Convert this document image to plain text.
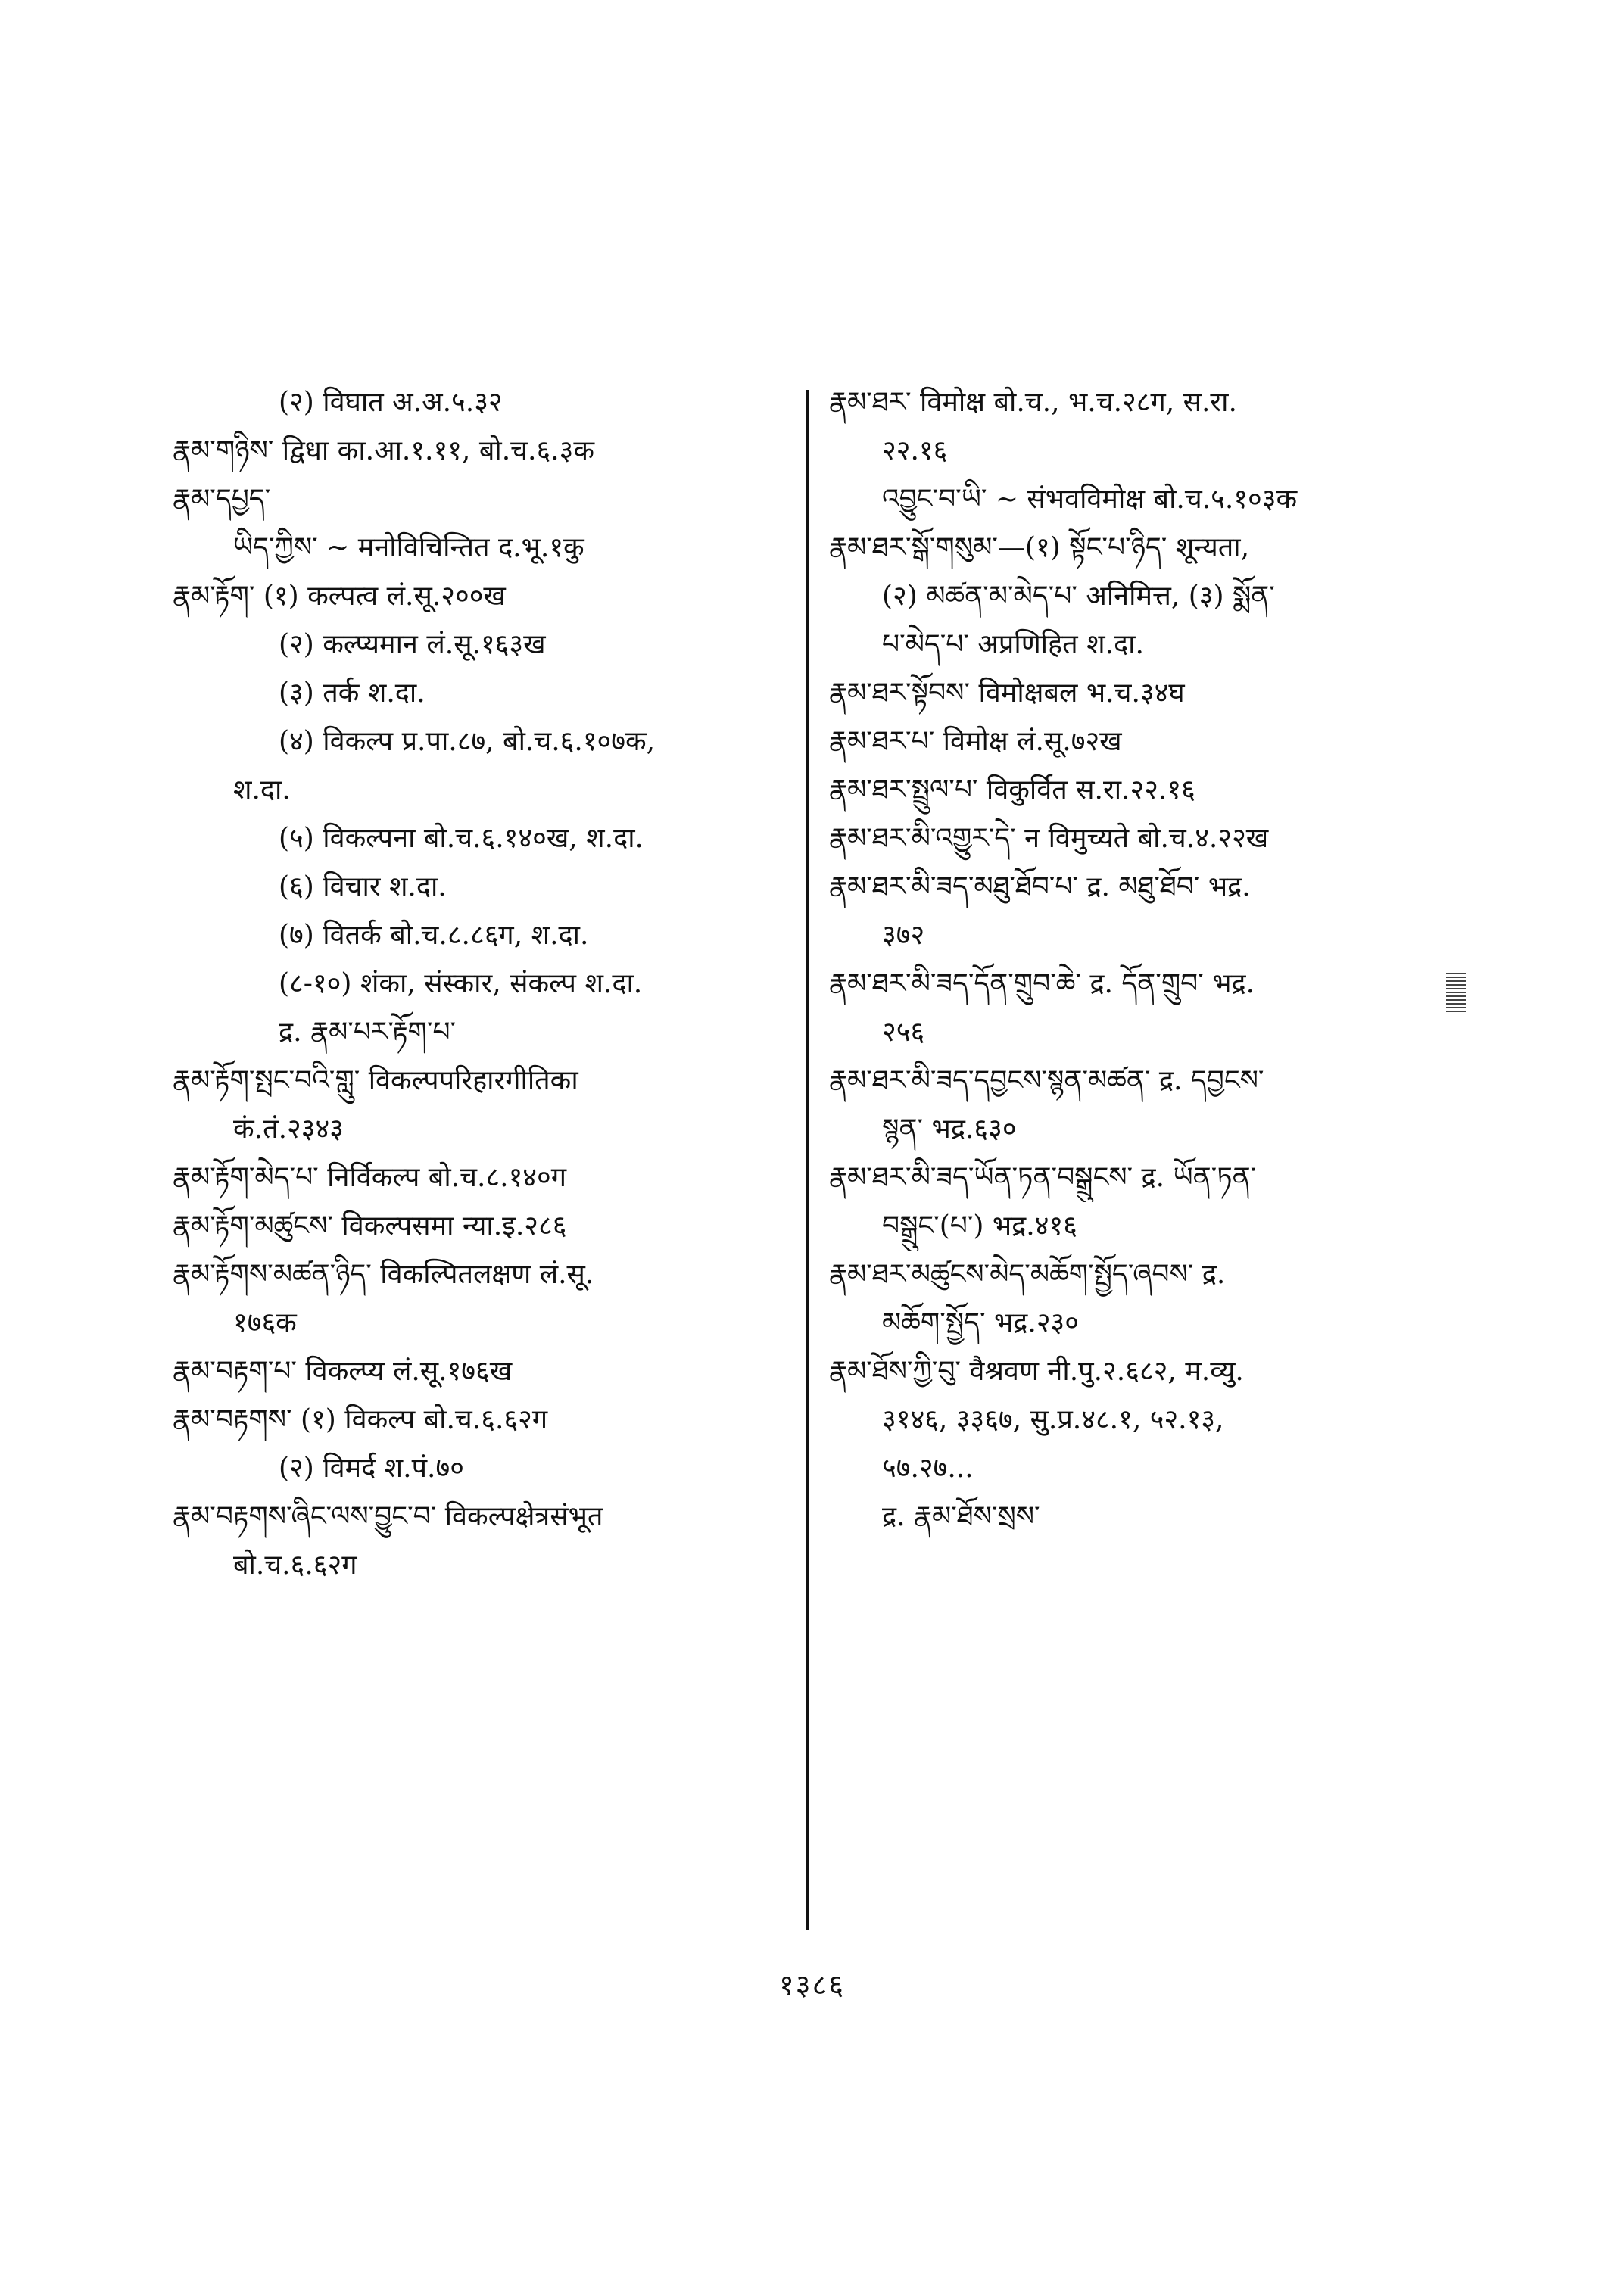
(२) विघात अ.अ.५.३२
རྣམ་གཉིས་ द्विधा का.आ.१.११, बो.च.६.३क
རྣམ་དཔྱད་
ཡིད་ཀྱིས་ ~ मनोविचिन्तित द.भू.१कु
རྣམ་རྟོག་ (१) कल्पत्व लं.सू.२००ख
(२) कल्प्यमान लं.सू.१६३ख
(३) तर्क श.दा.
(४) विकल्प प्र.पा.८७, बो.च.६.१०७क,
श.दा.
(५) विकल्पना बो.च.६.१४०ख, श.दा.
(६) विचार श.दा.
(७) वितर्क बो.च.८.८६ग, श.दा.
(८-१०) शंका, संस्कार, संकल्प श.दा.
द्र. རྣམ་པར་རྟོག་པ་
རྣམ་རྟོག་སྤང་བའི་གླུ་ विकल्पपरिहारगीतिका
कं.तं.२३४३
རྣམ་རྟོག་མེད་པ་ निर्विकल्प बो.च.८.१४०ग
རྣམ་རྟོག་མཚུངས་ विकल्पसमा न्या.इ.२८६
རྣམ་རྟོགས་མཚན་ཉིད་ विकल्पितलक्षण लं.सू.
१७६क
རྣམ་བརྟག་པ་ विकल्प्य लं.सू.१७६ख
རྣམ་བརྟགས་ (१) विकल्प बो.च.६.६२ग
(२) विमर्द श.पं.७०
རྣམ་བརྟགས་ཞིང་ལས་བྱུང་བ་ विकल्पक्षेत्रसंभूत
बो.च.६.६२ग
རྣམ་ཐར་ विमोक्ष बो.च., भ.च.२८ग, स.रा.
२२.१६
འབྱུང་བ་ཡི་ ~ संभवविमोक्ष बो.च.५.१०३क
རྣམ་ཐར་སྒོ་གསུམ་—(१) སྟོང་པ་ཉིད་ शून्यता,
(२) མཚན་མ་མེད་པ་ अनिमित्त, (३) སྨོན་
པ་མེད་པ་ अप्रणिहित श.दा.
རྣམ་ཐར་སྟོབས་ विमोक्षबल भ.च.३४घ
རྣམ་ཐར་པ་ विमोक्ष लं.सू.७२ख
རྣམ་ཐར་སྤྲུལ་པ་ विकुर्वित स.रा.२२.१६
རྣམ་ཐར་མི་འགྱུར་དེ་ न विमुच्यते बो.च.४.२२ख
རྣམ་ཐར་མི་ཟད་མཐུ་ཐོབ་པ་ द्र. མཐུ་ཐོབ་ भद्र.
३७२
རྣམ་ཐར་མི་ཟད་དོན་གྲུབ་ཆེ་ द्र. དོན་གྲུབ་ भद्र.
२५६
རྣམ་ཐར་མི་ཟད་དབྱངས་སྙན་མཚན་ द्र. དབྱངས་
སྙན་ भद्र.६३०
རྣམ་ཐར་མི་ཟད་ཡོན་ཏན་བསྒྲུངས་ द्र. ཡོན་ཏན་
བསྒྲུང་(པ་) भद्र.४१६
རྣམ་ཐར་མཚུངས་མེད་མཆོག་སྤྱོད་ཞབས་ द्र.
མཆོག་སྤྱོད་ भद्र.२३०
རྣམ་ཐོས་ཀྱི་བུ་ वैश्रवण नी.पु.२.६८२, म.व्यु.
३१४६, ३३६७, सु.प्र.४८.१, ५२.१३,
५७.२७...
द्र. རྣམ་ཐོས་སྲས་
१३८६
